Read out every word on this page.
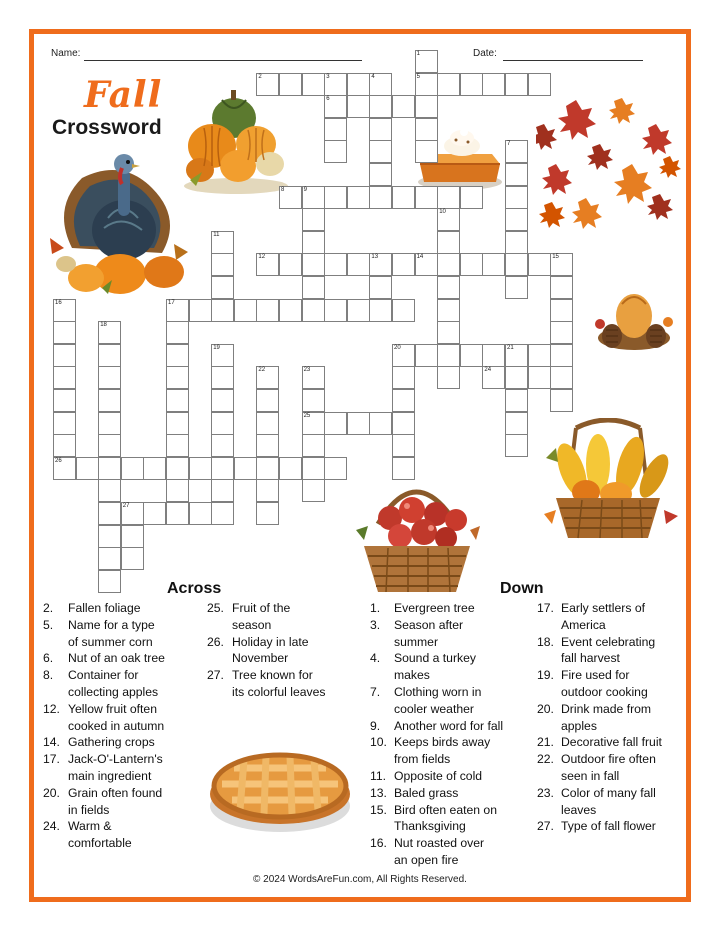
Name:	Date:
Fall
Crossword
2	3	5
6
8	9
12	13	14	15
17
20	21
24
25
26
27
1
4
7
10
11
16
18
19
22	23
Across	Down
2. Fallen foliage
5. Name for a type
of summer corn
6. Nut of an oak tree
8. Container for
collecting apples
12. Yellow fruit often
cooked in autumn
14. Gathering crops
17. Jack-O'-Lantern's
main ingredient
20. Grain often found
in fields
24. Warm &
comfortable
25. Fruit of the
season
26. Holiday in late
November
27. Tree known for
its colorful leaves
1. Evergreen tree
3. Season after
summer
4. Sound a turkey
makes
7. Clothing worn in
cooler weather
9. Another word for fall
10. Keeps birds away
from fields
11. Opposite of cold
13. Baled grass
15. Bird often eaten on
Thanksgiving
16. Nut roasted over
an open fire
17. Early settlers of
America
18. Event celebrating
fall harvest
19. Fire used for
outdoor cooking
20. Drink made from
apples
21. Decorative fall fruit
22. Outdoor fire often
seen in fall
23. Color of many fall
leaves
27. Type of fall flower
© 2024 WordsAreFun.com, All Rights Reserved.
